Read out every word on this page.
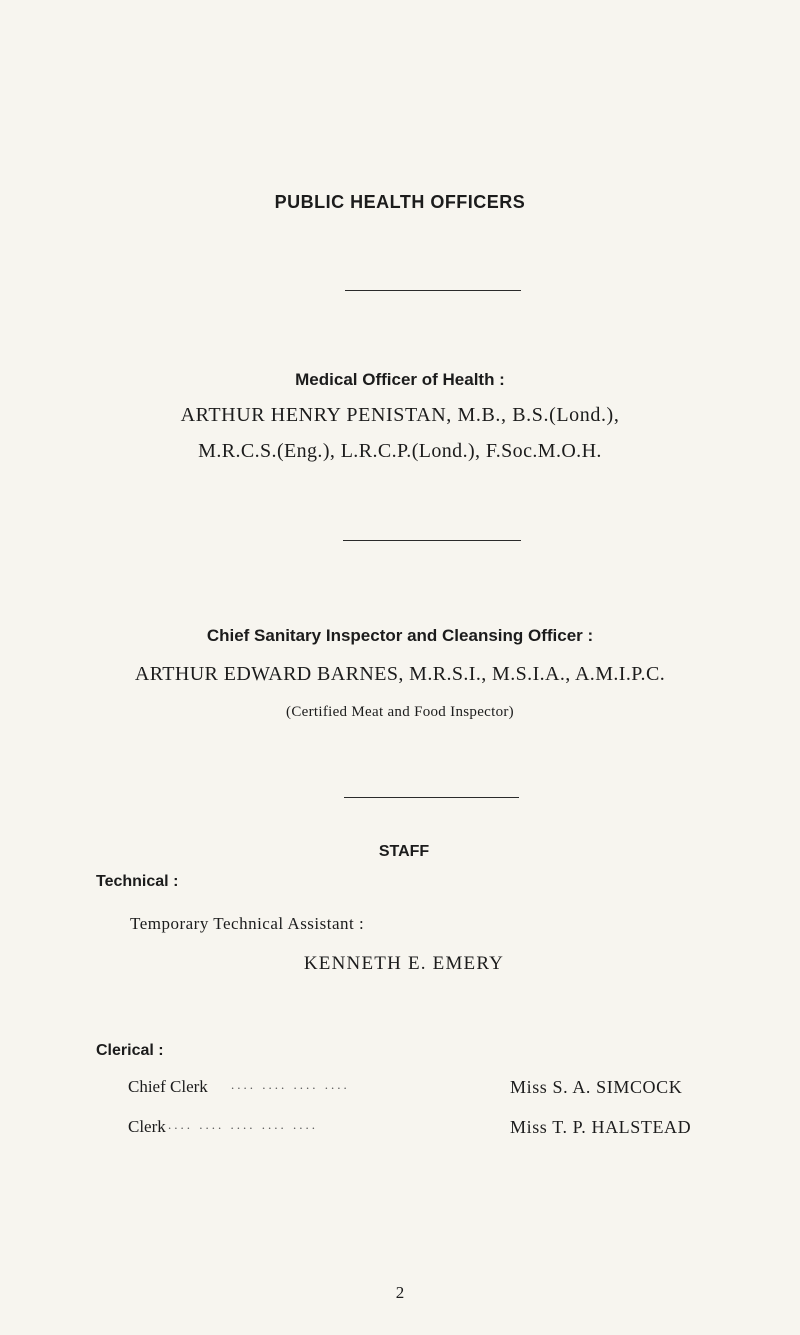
PUBLIC HEALTH OFFICERS
Medical Officer of Health :
ARTHUR HENRY PENISTAN, M.B., B.S.(Lond.),
M.R.C.S.(Eng.), L.R.C.P.(Lond.), F.Soc.M.O.H.
Chief Sanitary Inspector and Cleansing Officer :
ARTHUR EDWARD BARNES, M.R.S.I., M.S.I.A., A.M.I.P.C.
(Certified Meat and Food Inspector)
STAFF
Technical :
Temporary Technical Assistant :
KENNETH E. EMERY
Clerical :
Chief Clerk .... .... .... ....	Miss S. A. SIMCOCK
Clerk .... .... .... .... ....	Miss T. P. HALSTEAD
2
